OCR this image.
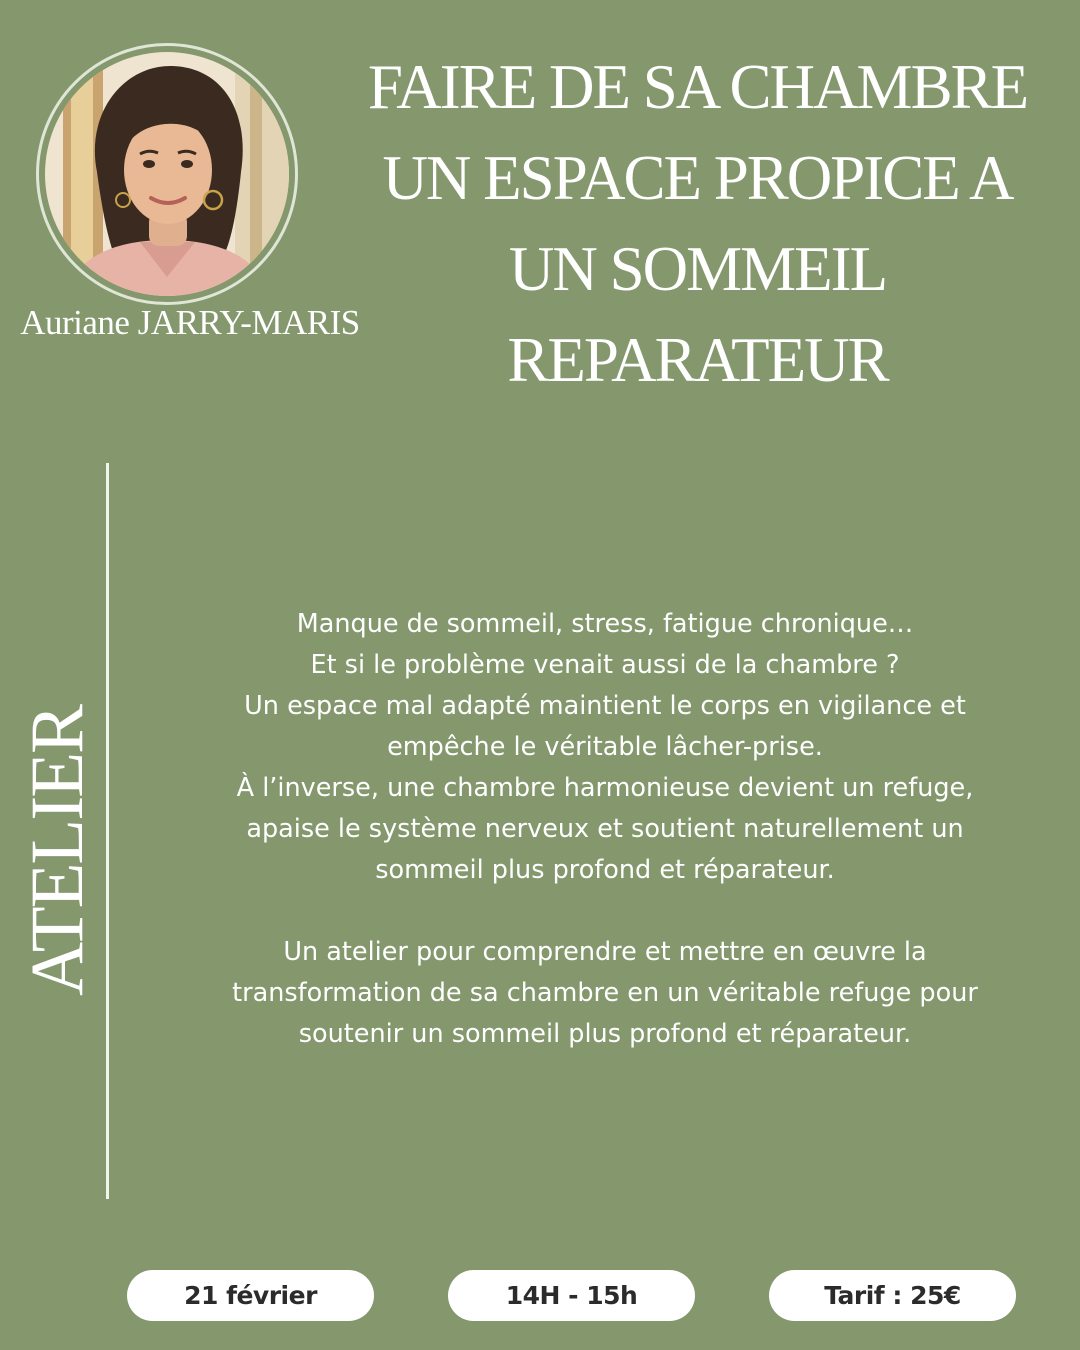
Auriane JARRY-MARIS
FAIRE DE SA CHAMBRE
UN ESPACE PROPICE A
UN SOMMEIL
REPARATEUR
ATELIER
Manque de sommeil, stress, fatigue chronique…
Et si le problème venait aussi de la chambre ?
Un espace mal adapté maintient le corps en vigilance et
empêche le véritable lâcher-prise.
À l’inverse, une chambre harmonieuse devient un refuge,
apaise le système nerveux et soutient naturellement un
sommeil plus profond et réparateur.
Un atelier pour comprendre et mettre en œuvre la
transformation de sa chambre en un véritable refuge pour
soutenir un sommeil plus profond et réparateur.
21 février	14H - 15h	Tarif : 25€
